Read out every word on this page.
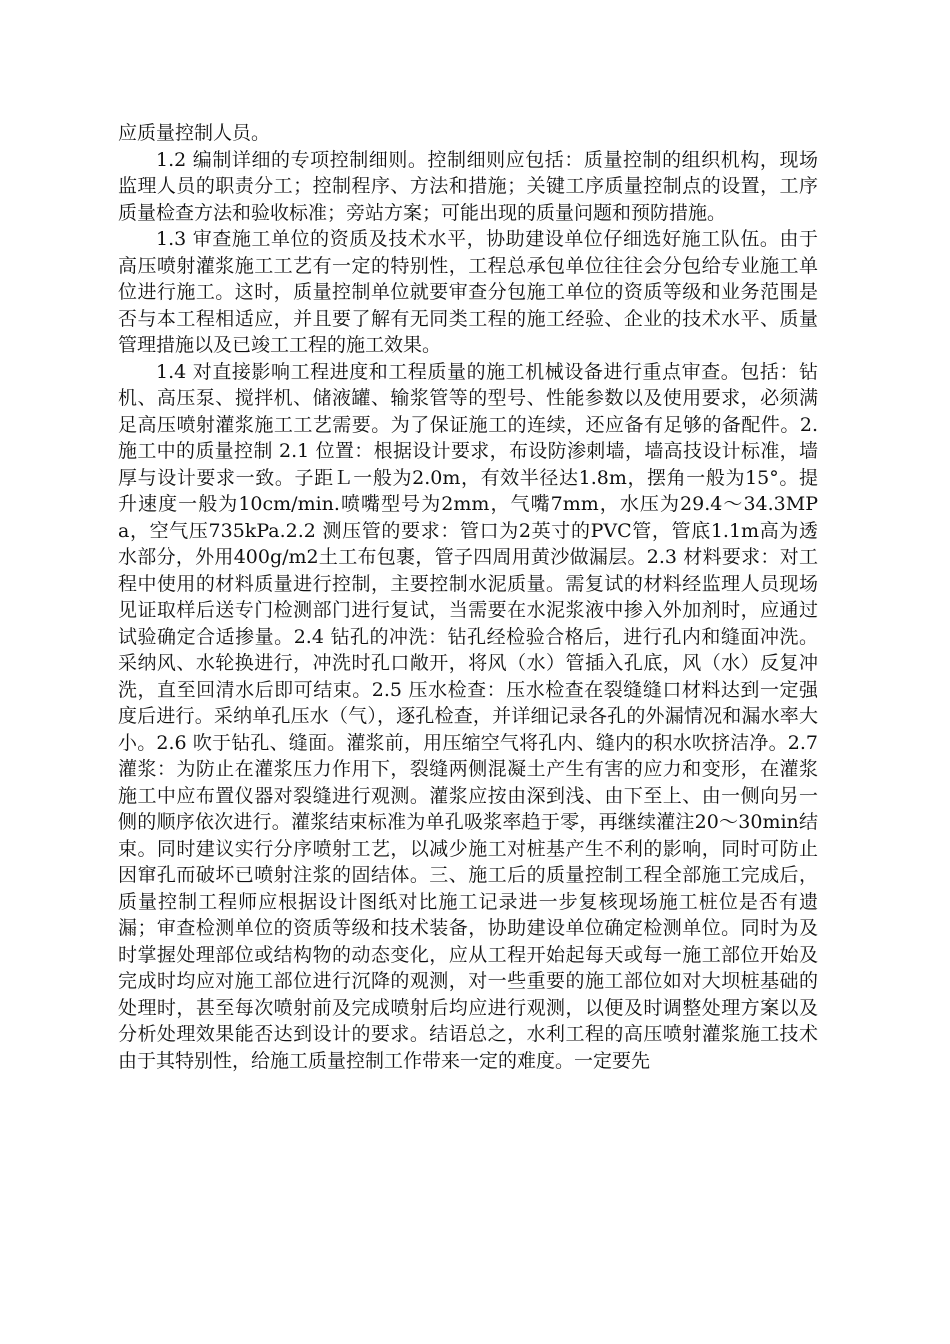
应质量控制人员。

1.2 编制详细的专项控制细则。控制细则应包括：质量控制的组织机构，现场监理人员的职责分工；控制程序、方法和措施；关键工序质量控制点的设置，工序质量检查方法和验收标准；旁站方案；可能出现的质量问题和预防措施。

1.3 审查施工单位的资质及技术水平，协助建设单位仔细选好施工队伍。由于高压喷射灌浆施工工艺有一定的特别性，工程总承包单位往往会分包给专业施工单位进行施工。这时，质量控制单位就要审查分包施工单位的资质等级和业务范围是否与本工程相适应，并且要了解有无同类工程的施工经验、企业的技术水平、质量管理措施以及已竣工工程的施工效果。

1.4 对直接影响工程进度和工程质量的施工机械设备进行重点审查。包括：钻机、高压泵、搅拌机、储液罐、输浆管等的型号、性能参数以及使用要求，必须满足高压喷射灌浆施工工艺需要。为了保证施工的连续，还应备有足够的备配件。2. 施工中的质量控制 2.1 位置：根据设计要求，布设防渗刺墙，墙高技设计标准，墙厚与设计要求一致。子距Ｌ一般为2.0m，有效半径达1.8m，摆角一般为15°。提升速度一般为10cm/min.喷嘴型号为2mm，气嘴7mm，水压为29.4～34.3MPa，空气压735kPa.2.2 测压管的要求：管口为2英寸的PVC管，管底1.1m高为透水部分，外用400g/m2土工布包裹，管子四周用黄沙做漏层。2.3 材料要求：对工程中使用的材料质量进行控制，主要控制水泥质量。需复试的材料经监理人员现场见证取样后送专门检测部门进行复试，当需要在水泥浆液中掺入外加剂时，应通过试验确定合适掺量。2.4 钻孔的冲洗：钻孔经检验合格后，进行孔内和缝面冲洗。采纳风、水轮换进行，冲洗时孔口敞开，将风（水）管插入孔底，风（水）反复冲洗，直至回清水后即可结束。2.5 压水检查：压水检查在裂缝缝口材料达到一定强度后进行。采纳单孔压水（气），逐孔检查，并详细记录各孔的外漏情况和漏水率大小。2.6 吹于钻孔、缝面。灌浆前，用压缩空气将孔内、缝内的积水吹挤洁净。2.7 灌浆：为防止在灌浆压力作用下，裂缝两侧混凝土产生有害的应力和变形，在灌浆施工中应布置仪器对裂缝进行观测。灌浆应按由深到浅、由下至上、由一侧向另一侧的顺序依次进行。灌浆结束标准为单孔吸浆率趋于零，再继续灌注20～30min结束。同时建议实行分序喷射工艺，以减少施工对桩基产生不利的影响，同时可防止因窜孔而破坏已喷射注浆的固结体。三、施工后的质量控制工程全部施工完成后，质量控制工程师应根据设计图纸对比施工记录进一步复核现场施工桩位是否有遗漏；审查检测单位的资质等级和技术装备，协助建设单位确定检测单位。同时为及时掌握处理部位或结构物的动态变化，应从工程开始起每天或每一施工部位开始及完成时均应对施工部位进行沉降的观测，对一些重要的施工部位如对大坝桩基础的处理时，甚至每次喷射前及完成喷射后均应进行观测，以便及时调整处理方案以及分析处理效果能否达到设计的要求。结语总之，水利工程的高压喷射灌浆施工技术由于其特别性，给施工质量控制工作带来一定的难度。一定要先
